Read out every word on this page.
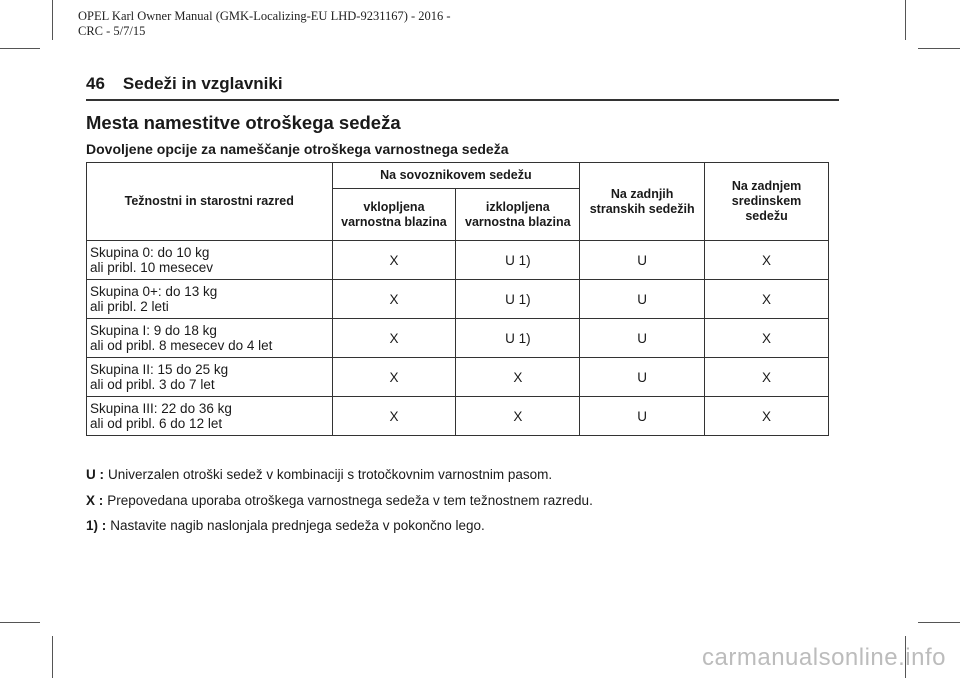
OPEL Karl Owner Manual (GMK-Localizing-EU LHD-9231167) - 2016 -
CRC - 5/7/15
46 Sedeži in vzglavniki
Mesta namestitve otroškega sedeža
Dovoljene opcije za nameščanje otroškega varnostnega sedeža
Težnostni in starostni razred	Na sovoznikovem sedežu		Na zadnjih stranskih sedežih	Na zadnjem sredinskem sedežu
	vklopljena varnostna blazina	izklopljena varnostna blazina		

Skupina 0: do 10 kg
ali pribl. 10 mesecev	X	U 1)	U	X

Skupina 0+: do 13 kg
ali pribl. 2 leti	X	U 1)	U	X

Skupina I: 9 do 18 kg
ali od pribl. 8 mesecev do 4 let	X	U 1)	U	X

Skupina II: 15 do 25 kg
ali od pribl. 3 do 7 let	X	X	U	X

Skupina III: 22 do 36 kg
ali od pribl. 6 do 12 let	X	X	U	X
U : Univerzalen otroški sedež v kombinaciji s trotočkovnim varnostnim pasom.
X : Prepovedana uporaba otroškega varnostnega sedeža v tem težnostnem razredu.
1) : Nastavite nagib naslonjala prednjega sedeža v pokončno lego.
carmanualsonline.info
